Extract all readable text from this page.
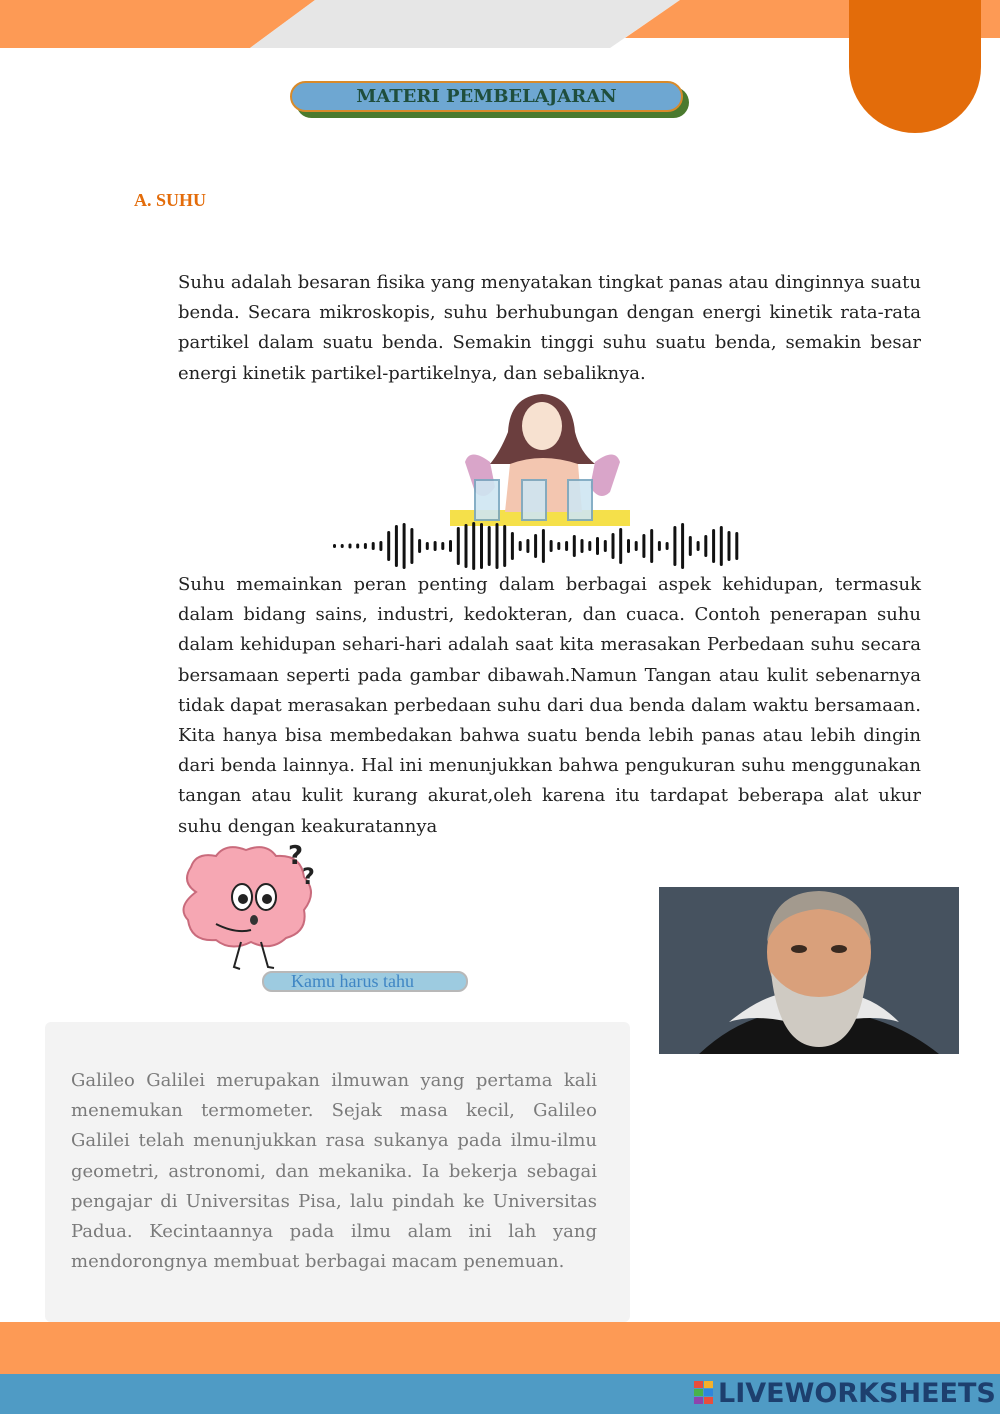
MATERI PEMBELAJARAN
A. SUHU
Suhu adalah besaran fisika yang menyatakan tingkat panas atau dinginnya suatu benda. Secara mikroskopis, suhu berhubungan dengan energi kinetik rata-rata partikel dalam suatu benda. Semakin tinggi suhu suatu benda, semakin besar energi kinetik partikel-partikelnya, dan sebaliknya.
Suhu memainkan peran penting dalam berbagai aspek kehidupan, termasuk dalam bidang sains, industri, kedokteran, dan cuaca. Contoh penerapan suhu dalam kehidupan sehari-hari adalah saat kita merasakan Perbedaan suhu secara bersamaan seperti pada gambar dibawah.Namun Tangan atau kulit sebenarnya tidak dapat merasakan perbedaan suhu dari dua benda dalam waktu bersamaan. Kita hanya bisa membedakan bahwa suatu benda lebih panas atau lebih dingin dari benda lainnya. Hal ini menunjukkan bahwa pengukuran suhu menggunakan tangan atau kulit kurang akurat,oleh karena itu tardapat beberapa alat ukur suhu dengan keakuratannya
?
?
Kamu harus tahu
Galileo Galilei merupakan ilmuwan yang pertama kali menemukan termometer. Sejak masa kecil, Galileo Galilei telah menunjukkan rasa sukanya pada ilmu-ilmu geometri, astronomi, dan mekanika. Ia bekerja sebagai pengajar di Universitas Pisa, lalu pindah ke Universitas Padua. Kecintaannya pada ilmu alam ini lah yang mendorongnya membuat berbagai macam penemuan.
LIVEWORKSHEETS
